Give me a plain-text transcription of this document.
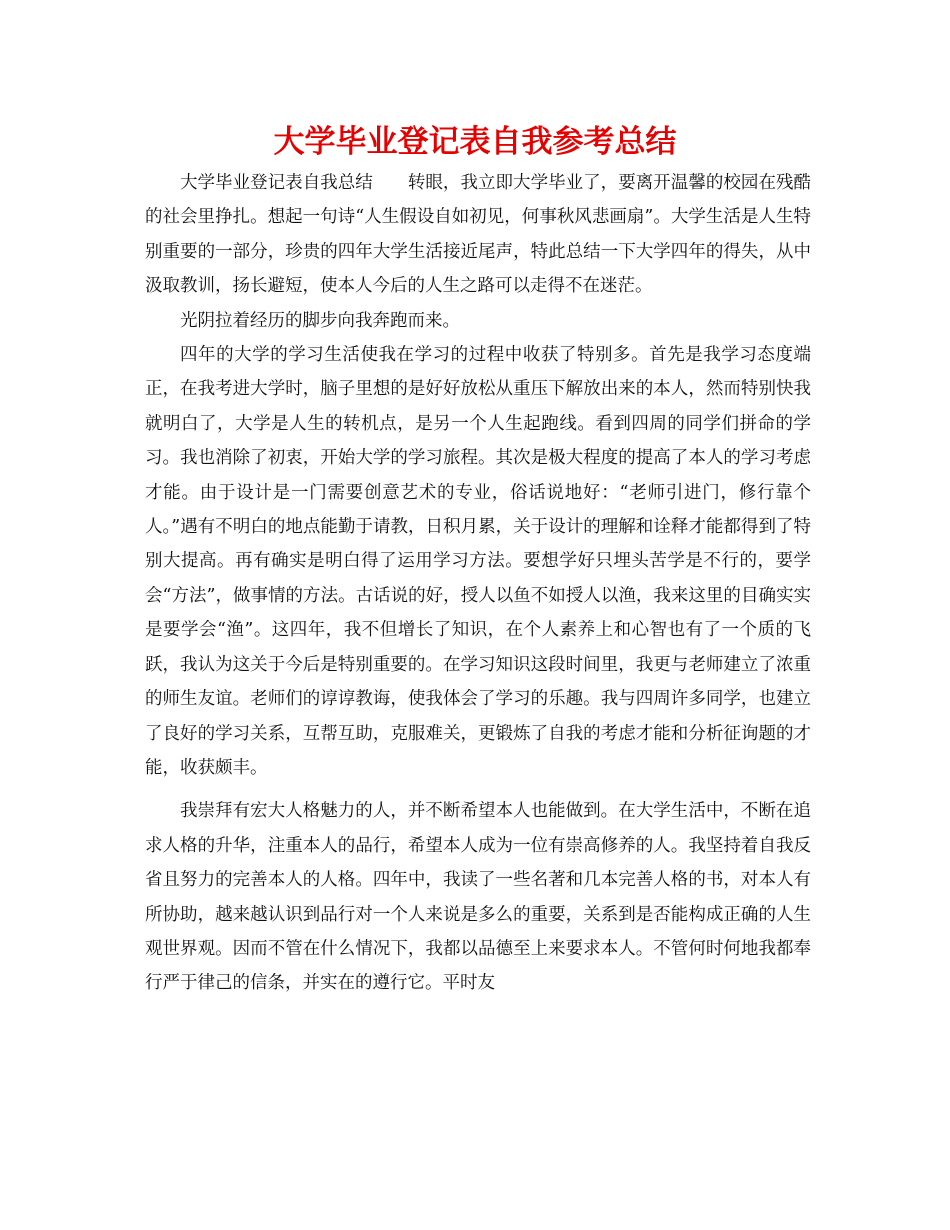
大学毕业登记表自我参考总结

大学毕业登记表自我总结　　转眼，我立即大学毕业了，要离开温馨的校园在残酷的社会里挣扎。想起一句诗“人生假设自如初见，何事秋风悲画扇”。大学生活是人生特别重要的一部分，珍贵的四年大学生活接近尾声，特此总结一下大学四年的得失，从中汲取教训，扬长避短，使本人今后的人生之路可以走得不在迷茫。

光阴拉着经历的脚步向我奔跑而来。

四年的大学的学习生活使我在学习的过程中收获了特别多。首先是我学习态度端正，在我考进大学时，脑子里想的是好好放松从重压下解放出来的本人，然而特别快我就明白了，大学是人生的转机点，是另一个人生起跑线。看到四周的同学们拼命的学习。我也消除了初衷，开始大学的学习旅程。其次是极大程度的提高了本人的学习考虑才能。由于设计是一门需要创意艺术的专业，俗话说地好：“老师引进门，修行靠个人。”遇有不明白的地点能勤于请教，日积月累，关于设计的理解和诠释才能都得到了特别大提高。再有确实是明白得了运用学习方法。要想学好只埋头苦学是不行的，要学会“方法”，做事情的方法。古话说的好，授人以鱼不如授人以渔，我来这里的目确实实是要学会“渔”。这四年，我不但增长了知识，在个人素养上和心智也有了一个质的飞跃，我认为这关于今后是特别重要的。在学习知识这段时间里，我更与老师建立了浓重的师生友谊。老师们的谆谆教诲，使我体会了学习的乐趣。我与四周许多同学，也建立了良好的学习关系，互帮互助，克服难关，更锻炼了自我的考虑才能和分析征询题的才能，收获颇丰。

我崇拜有宏大人格魅力的人，并不断希望本人也能做到。在大学生活中，不断在追求人格的升华，注重本人的品行，希望本人成为一位有崇高修养的人。我坚持着自我反省且努力的完善本人的人格。四年中，我读了一些名著和几本完善人格的书，对本人有所协助，越来越认识到品行对一个人来说是多么的重要，关系到是否能构成正确的人生观世界观。因而不管在什么情况下，我都以品德至上来要求本人。不管何时何地我都奉行严于律己的信条，并实在的遵行它。平时友
